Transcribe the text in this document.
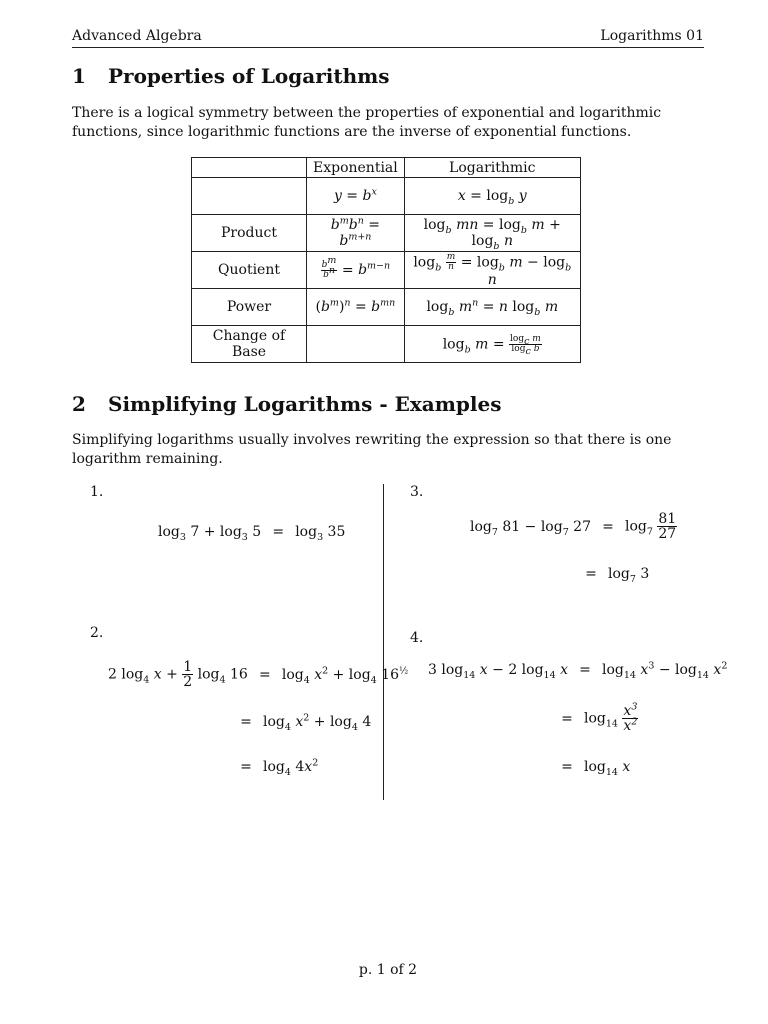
Advanced Algebra	Logarithms 01
1 Properties of Logarithms

There is a logical symmetry between the properties of exponential and logarithmic functions, since logarithmic functions are the inverse of exponential functions.

	Exponential	Logarithmic
	$y = b^x$	$x = \log_b y$
Product	$b^mb^n = b^{m+n}$	$\log_b$ mn = $\log_b m + \log_b n$
Quotient	$\frac{b^m}{b^n} = b^{m-n}$	$\log_b \frac{m}{n} = \log_b m - \log_b n$
Power	$(b^m)^n = b^{mn}$	$\log_b m^n = n$ $\log_b m$
Change of Base		$\log_b m = \frac{\log_c m}{\log_c b}$
2 Simplifying Logarithms - Examples

Simplifying logarithms usually involves rewriting the expression so that there is one logarithm remaining.

1.
$\log_3 7 + \log_3 5 = \log_3 35$
2.
2 $\log_4 x + \frac{1}{2} \log_4 16 = \log_4 x^2 + \log_4 16^{\frac{1}{2}}$
= $\log_4 x^2 + \log_4 4$
= $\log_4 4x^2$
3.
$\log_7 81 - \log_7 27 = \log_7 \frac{81}{27}$
= $\log_7 3$
4.
3 $\log_{14} x - 2$ $\log_{14} x = \log_{14} x^3 - \log_{14} x^2$
= $\log_{14} \frac{x^3}{x^2}$
= $\log_{14} x$
p. 1 of 2
